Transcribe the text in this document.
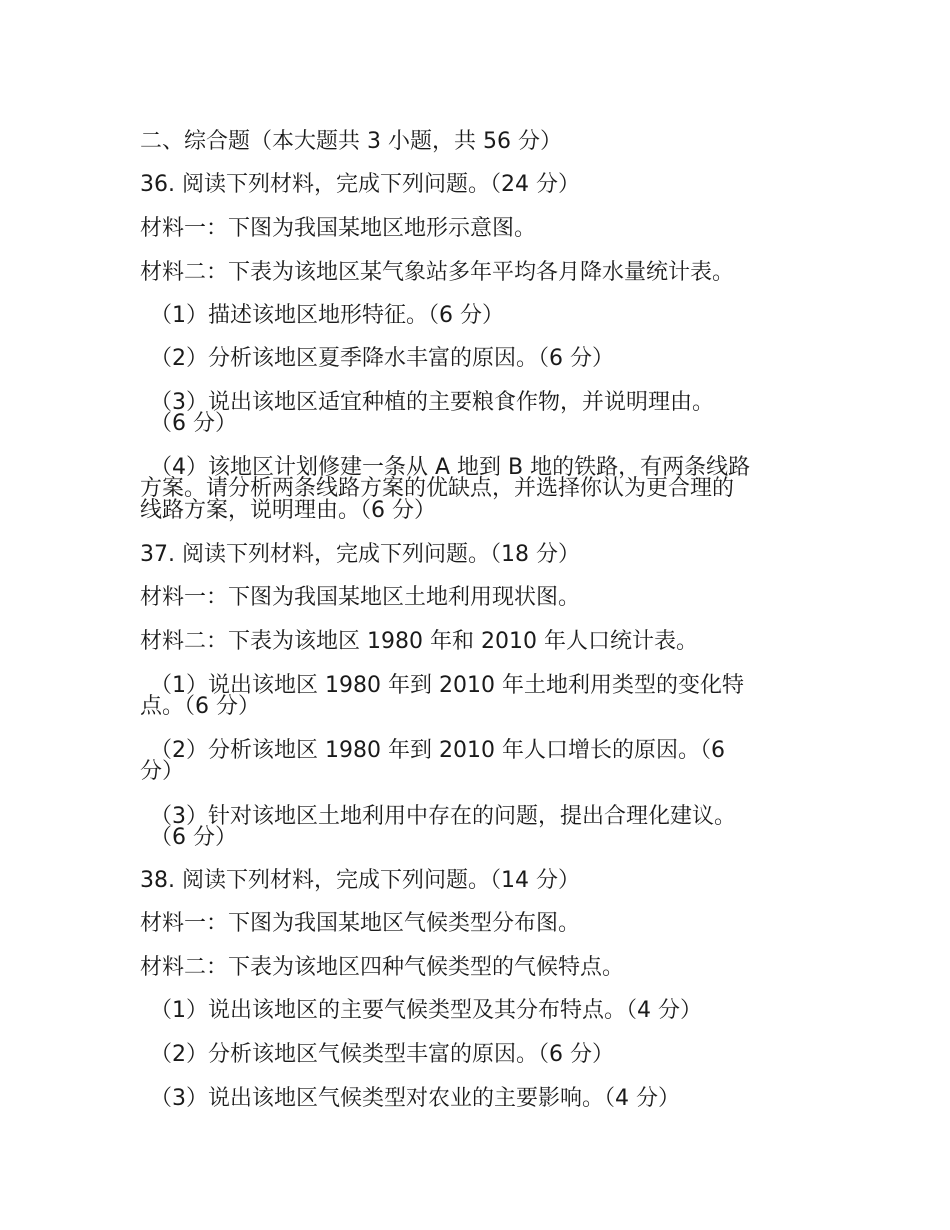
二、综合题（本大题共 3 小题，共 56 分）

36. 阅读下列材料，完成下列问题。（24 分）

材料一：下图为我国某地区地形示意图。

材料二：下表为该地区某气象站多年平均各月降水量统计表。

（1）描述该地区地形特征。（6 分）

（2）分析该地区夏季降水丰富的原因。（6 分）

（3）说出该地区适宜种植的主要粮食作物，并说明理由。

（6 分）

（4）该地区计划修建一条从 A 地到 B 地的铁路，有两条线路

方案。请分析两条线路方案的优缺点，并选择你认为更合理的

线路方案，说明理由。（6 分）

37. 阅读下列材料，完成下列问题。（18 分）

材料一：下图为我国某地区土地利用现状图。

材料二：下表为该地区 1980 年和 2010 年人口统计表。

（1）说出该地区 1980 年到 2010 年土地利用类型的变化特

点。（6 分）

（2）分析该地区 1980 年到 2010 年人口增长的原因。（6

分）

（3）针对该地区土地利用中存在的问题，提出合理化建议。

（6 分）

38. 阅读下列材料，完成下列问题。（14 分）

材料一：下图为我国某地区气候类型分布图。

材料二：下表为该地区四种气候类型的气候特点。

（1）说出该地区的主要气候类型及其分布特点。（4 分）

（2）分析该地区气候类型丰富的原因。（6 分）

（3）说出该地区气候类型对农业的主要影响。（4 分）
